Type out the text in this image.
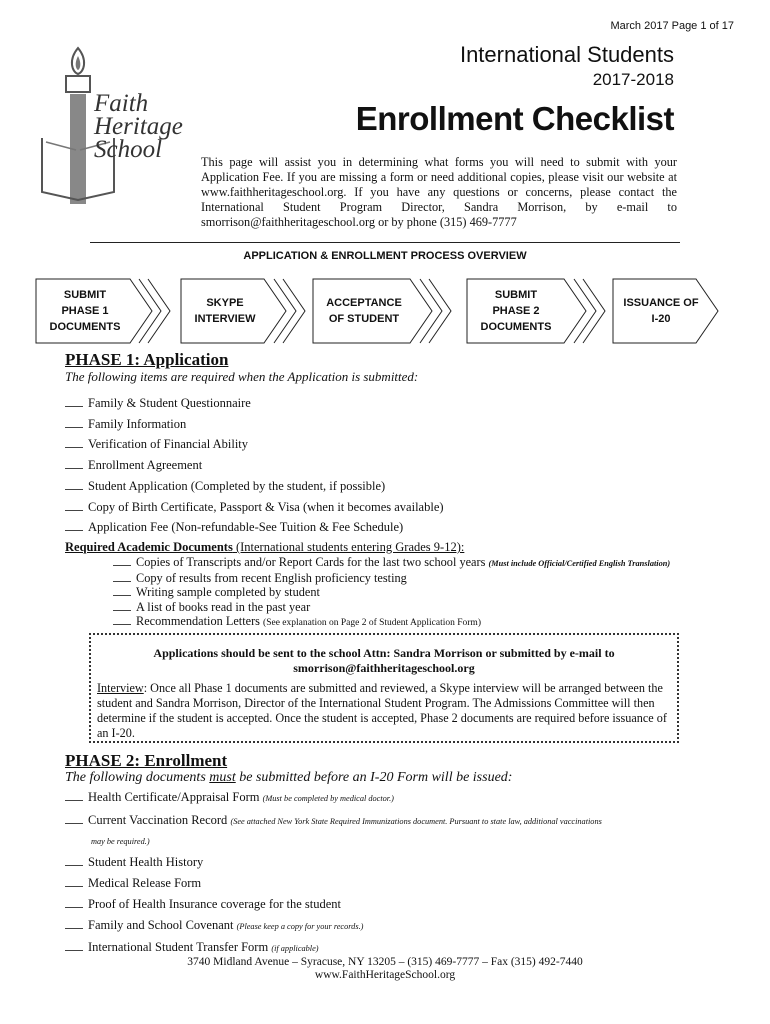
March 2017 Page 1 of 17
International Students
2017-2018
Enrollment Checklist
Faith Heritage School	This page will assist you in determining what forms you will need to submit with your Application Fee. If you are missing a form or need additional copies, please visit our website at www.faithheritageschool.org. If you have any questions or concerns, please contact the International Student Program Director, Sandra Morrison, by e-mail to smorrison@faithheritageschool.org or by phone (315) 469-7777
APPLICATION & ENROLLMENT PROCESS OVERVIEW
SUBMIT
PHASE 1
DOCUMENTS
SKYPE
INTERVIEW
ACCEPTANCE
OF STUDENT
SUBMIT
PHASE 2
DOCUMENTS
ISSUANCE OF
I-20
PHASE 1: Application
The following items are required when the Application is submitted:
Family & Student Questionnaire
Family Information
Verification of Financial Ability
Enrollment Agreement
Student Application (Completed by the student, if possible)
Copy of Birth Certificate, Passport & Visa (when it becomes available)
Application Fee (Non-refundable-See Tuition & Fee Schedule)
Required Academic Documents (International students entering Grades 9-12):
Copies of Transcripts and/or Report Cards for the last two school years (Must include Official/Certified English Translation)
Copy of results from recent English proficiency testing
Writing sample completed by student
A list of books read in the past year
Recommendation Letters (See explanation on Page 2 of Student Application Form)
Applications should be sent to the school Attn: Sandra Morrison or submitted by e-mail to
smorrison@faithheritageschool.org
Interview: Once all Phase 1 documents are submitted and reviewed, a Skype interview will be arranged between the student and Sandra Morrison, Director of the International Student Program. The Admissions Committee will then determine if the student is accepted. Once the student is accepted, Phase 2 documents are required before issuance of an I-20.
PHASE 2: Enrollment
The following documents must be submitted before an I-20 Form will be issued:
Health Certificate/Appraisal Form (Must be completed by medical doctor.)
Current Vaccination Record (See attached New York State Required Immunizations document. Pursuant to state law, additional vaccinations
may be required.)
Student Health History
Medical Release Form
Proof of Health Insurance coverage for the student
Family and School Covenant (Please keep a copy for your records.)
International Student Transfer Form (if applicable)
3740 Midland Avenue – Syracuse, NY 13205 – (315) 469-7777 – Fax (315) 492-7440
www.FaithHeritageSchool.org
